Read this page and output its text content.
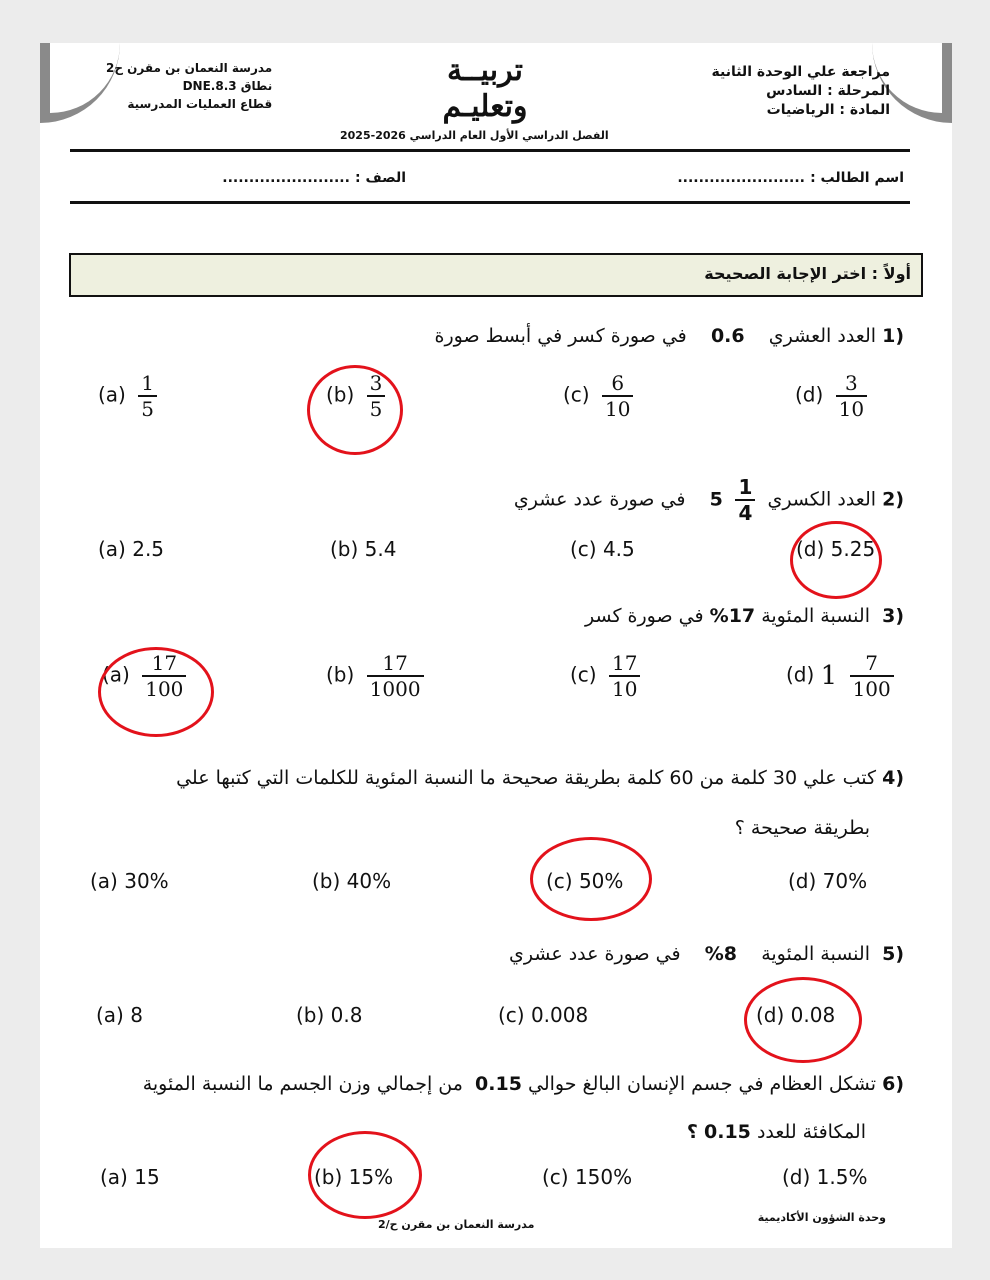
مراجعة علي الوحدة الثانية
المرحلة : السادس
المادة : الرياضيات
تربيــة
وتعليـم
مدرسة النعمان بن مقرن ح2
نطاق DNE.8.3
قطاع العمليات المدرسية
الفصل الدراسي الأول العام الدراسي 2026-2025
اسم الطالب : ........................
الصف : ........................
أولاً : اختر الإجابة الصحيحة
(1 العدد العشري    0.6    في صورة كسر في أبسط صورة
$(a) \frac{1}{5}$	$(b) \frac{3}{5}$	$(c) \frac{6}{10}$	$(d) \frac{3}{10}$
(2 العدد الكسري  $5 \frac{1}{4}$
في صورة عدد عشري
(a) 2.5	(b) 5.4	(c) 4.5	(d) 5.25
(3  النسبة المئوية 17% في صورة كسر
$(a) \frac{17}{100}$	$(b) \frac{17}{1000}$	$(c) \frac{17}{10}$	(d) $1 \frac{7}{100}$
(4 كتب علي 30 كلمة من 60 كلمة بطريقة صحيحة ما النسبة المئوية للكلمات التي كتبها علي
بطريقة صحيحة ؟
(a) 30%	(b) 40%	(c) 50%	(d) 70%
(5  النسبة المئوية    8%    في صورة عدد عشري
(a) 8	(b) 0.8	(c) 0.008	(d) 0.08
(6 تشكل العظام في جسم الإنسان البالغ حوالي 0.15  من إجمالي وزن الجسم ما النسبة المئوية
المكافئة للعدد 0.15 ؟
(a) 15	(b) 15%	(c) 150%	(d) 1.5%
مدرسة النعمان بن مقرن ح/2
وحدة الشؤون الأكاديمية
